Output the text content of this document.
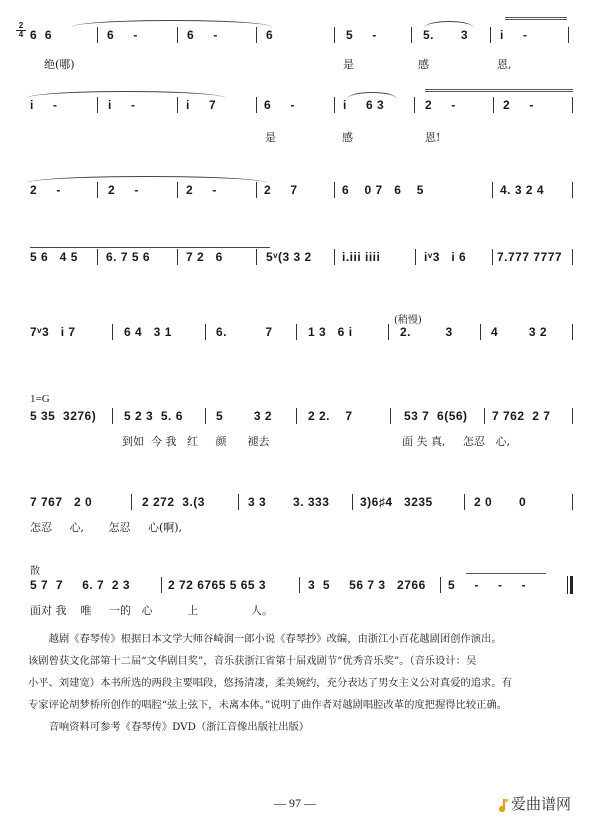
2
4
1=G
(稍慢)
散
6  6	6     -	6     -	6	5     -	5.       3	i     -
绝(哪)	是	感	恩,
i     -	i     -	i     7	6     -	i     6 3	2     -	2     -
是	感	恩!
2     -	2     -	2     -	2     7	6    0 7   6    5	4. 3 2 4
5 6   4 5 6. 7 5 6	7 2   6	5ᵛ(3 3 2	i.iii iiii	iᵛ3   i 6	7.777 7777
7ᵛ3   i 7	6 4   3 1	6.          7	1 3   6 i	2.         3	4        3 2
5 35  3276) 5 2 3  5. 6	5        3 2	2 2.    7	53 7  6(56) 7 762  2 7
到如  今 我   红     颜      褪去	面 失 真,     怎忍   心,
7 767   2 0	2 272  3.(3	3 3       3. 333	3)6♯4   3235	2 0       0
怎忍     心,       怎忍     心(啊),
5 7  7     6. 7  2 3	2 72 6765 5 65 3	3  5     56 7 3   2766 5     -     -     -
面对 我    唯     一的   心          上               人。

越剧《春琴传》根据日本文学大师谷崎润一郎小说《春琴抄》改编，由浙江小百花越剧团创作演出。

该剧曾获文化部第十二届“文华剧目奖”，音乐获浙江省第十届戏剧节“优秀音乐奖”。（音乐设计：吴

小平、刘建宽）本书所选的两段主要唱段，悠扬清凄，柔美婉约，充分表达了男女主义公对真爱的追求。有

专家评论胡梦桥所创作的唱腔“弦上弦下，未离本体。”说明了曲作者对越剧唱腔改革的度把握得比较正确。

音响资料可参考《春琴传》DVD（浙江音像出版社出版）

— 97 —	爱曲谱网
